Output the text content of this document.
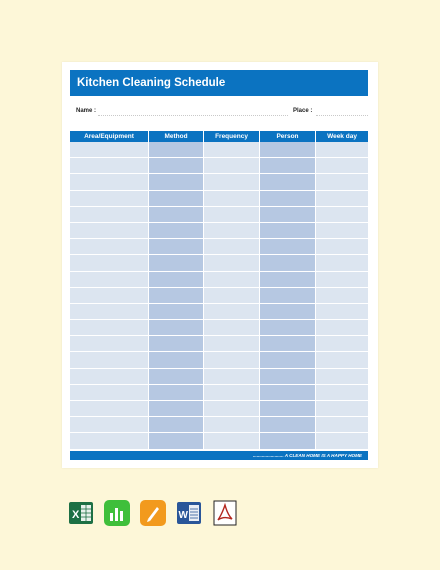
Kitchen Cleaning Schedule
Name :	Place :
Area/Equipment	Method	Frequency	Person	Week day
........................ A CLEAN HOME IS A HAPPY HOME
X	W
